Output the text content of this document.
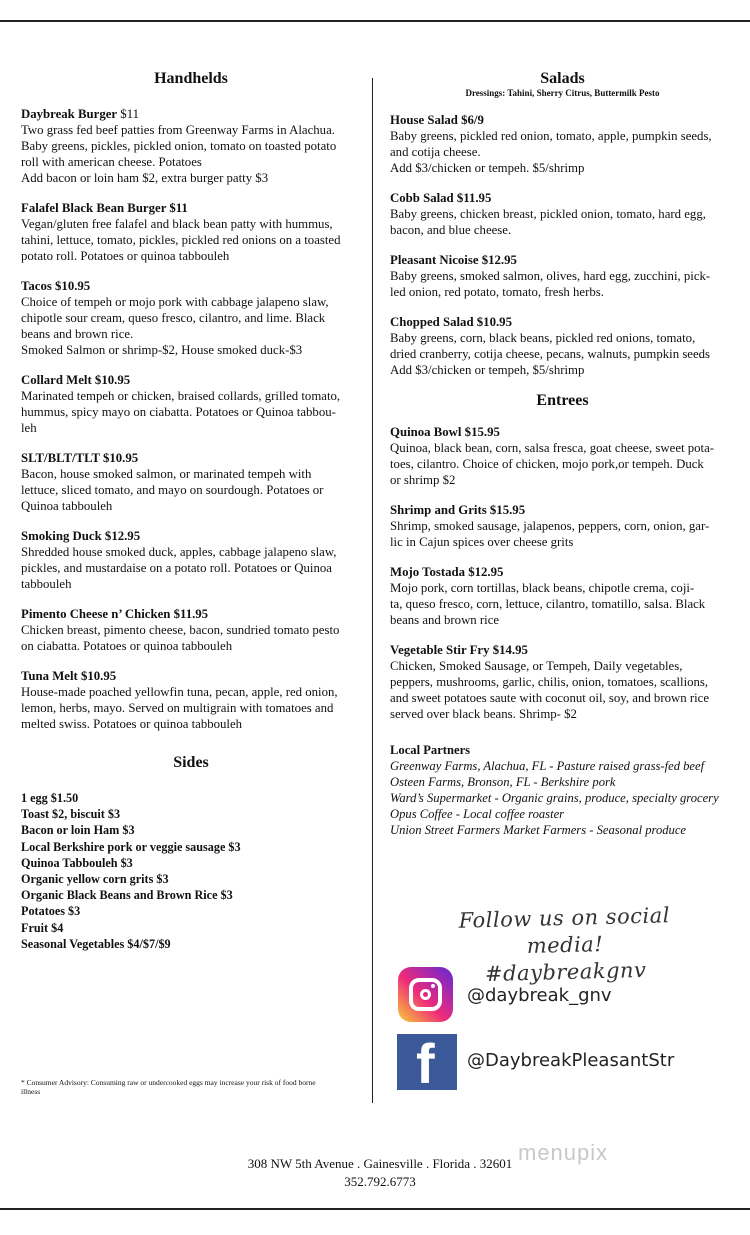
Handhelds
Daybreak Burger $11
Two grass fed beef patties from Greenway Farms in Alachua.
Baby greens, pickles, pickled onion, tomato on toasted potato
roll with american cheese. Potatoes
Add bacon or loin ham $2, extra burger patty $3
Falafel Black Bean Burger $11
Vegan/gluten free falafel and black bean patty with hummus,
tahini, lettuce, tomato, pickles, pickled red onions on a toasted
potato roll. Potatoes or quinoa tabbouleh
Tacos $10.95
Choice of tempeh or mojo pork with cabbage jalapeno slaw,
chipotle sour cream, queso fresco, cilantro, and lime. Black
beans and brown rice.
Smoked Salmon or shrimp-$2, House smoked duck-$3
Collard Melt $10.95
Marinated tempeh or chicken, braised collards, grilled tomato,
hummus, spicy mayo on ciabatta. Potatoes or Quinoa tabbou-
leh
SLT/BLT/TLT $10.95
Bacon, house smoked salmon, or marinated tempeh with
lettuce, sliced tomato, and mayo on sourdough. Potatoes or
Quinoa tabbouleh
Smoking Duck $12.95
Shredded house smoked duck, apples, cabbage jalapeno slaw,
pickles, and mustardaise on a potato roll. Potatoes or Quinoa
tabbouleh
Pimento Cheese n’ Chicken $11.95
Chicken breast, pimento cheese, bacon, sundried tomato pesto
on ciabatta. Potatoes or quinoa tabbouleh
Tuna Melt $10.95
House-made poached yellowfin tuna, pecan, apple, red onion,
lemon, herbs, mayo. Served on multigrain with tomatoes and
melted swiss. Potatoes or quinoa tabbouleh
Sides
1 egg $1.50
Toast $2, biscuit $3
Bacon or loin Ham $3
Local Berkshire pork or veggie sausage $3
Quinoa Tabbouleh $3
Organic yellow corn grits $3
Organic Black Beans and Brown Rice $3
Potatoes $3
Fruit $4
Seasonal Vegetables $4/$7/$9
* Consumer Advisory: Consuming raw or undercooked eggs may increase your risk of food borne illness
Salads
Dressings: Tahini, Sherry Citrus, Buttermilk Pesto
House Salad $6/9
Baby greens, pickled red onion, tomato, apple, pumpkin seeds,
and cotija cheese.
Add $3/chicken or tempeh. $5/shrimp
Cobb Salad $11.95
Baby greens, chicken breast, pickled onion, tomato, hard egg,
bacon, and blue cheese.
Pleasant Nicoise $12.95
Baby greens, smoked salmon, olives, hard egg, zucchini, pick-
led onion, red potato, tomato, fresh herbs.
Chopped Salad $10.95
Baby greens, corn, black beans, pickled red onions, tomato,
dried cranberry, cotija cheese, pecans, walnuts, pumpkin seeds
Add $3/chicken or tempeh, $5/shrimp
Entrees
Quinoa Bowl $15.95
Quinoa, black bean, corn, salsa fresca, goat cheese, sweet pota-
toes, cilantro. Choice of chicken, mojo pork,or tempeh. Duck
or shrimp $2
Shrimp and Grits $15.95
Shrimp, smoked sausage, jalapenos, peppers, corn, onion, gar-
lic in Cajun spices over cheese grits
Mojo Tostada $12.95
Mojo pork, corn tortillas, black beans, chipotle crema, coji-
ta, queso fresco, corn, lettuce, cilantro, tomatillo, salsa. Black
beans and brown rice
Vegetable Stir Fry $14.95
Chicken, Smoked Sausage, or Tempeh, Daily vegetables,
peppers, mushrooms, garlic, chilis, onion, tomatoes, scallions,
and sweet potatoes saute with coconut oil, soy, and brown rice
served over black beans. Shrimp- $2
Local Partners
Greenway Farms, Alachua, FL - Pasture raised grass-fed beef
Osteen Farms, Bronson, FL - Berkshire pork
Ward’s Supermarket - Organic grains, produce, specialty grocery
Opus Coffee - Local coffee roaster
Union Street Farmers Market Farmers - Seasonal produce
Follow us on social media!
#daybreakgnv
@daybreak_gnv
f @DaybreakPleasantStr
menupix
308 NW 5th Avenue . Gainesville . Florida . 32601
352.792.6773
